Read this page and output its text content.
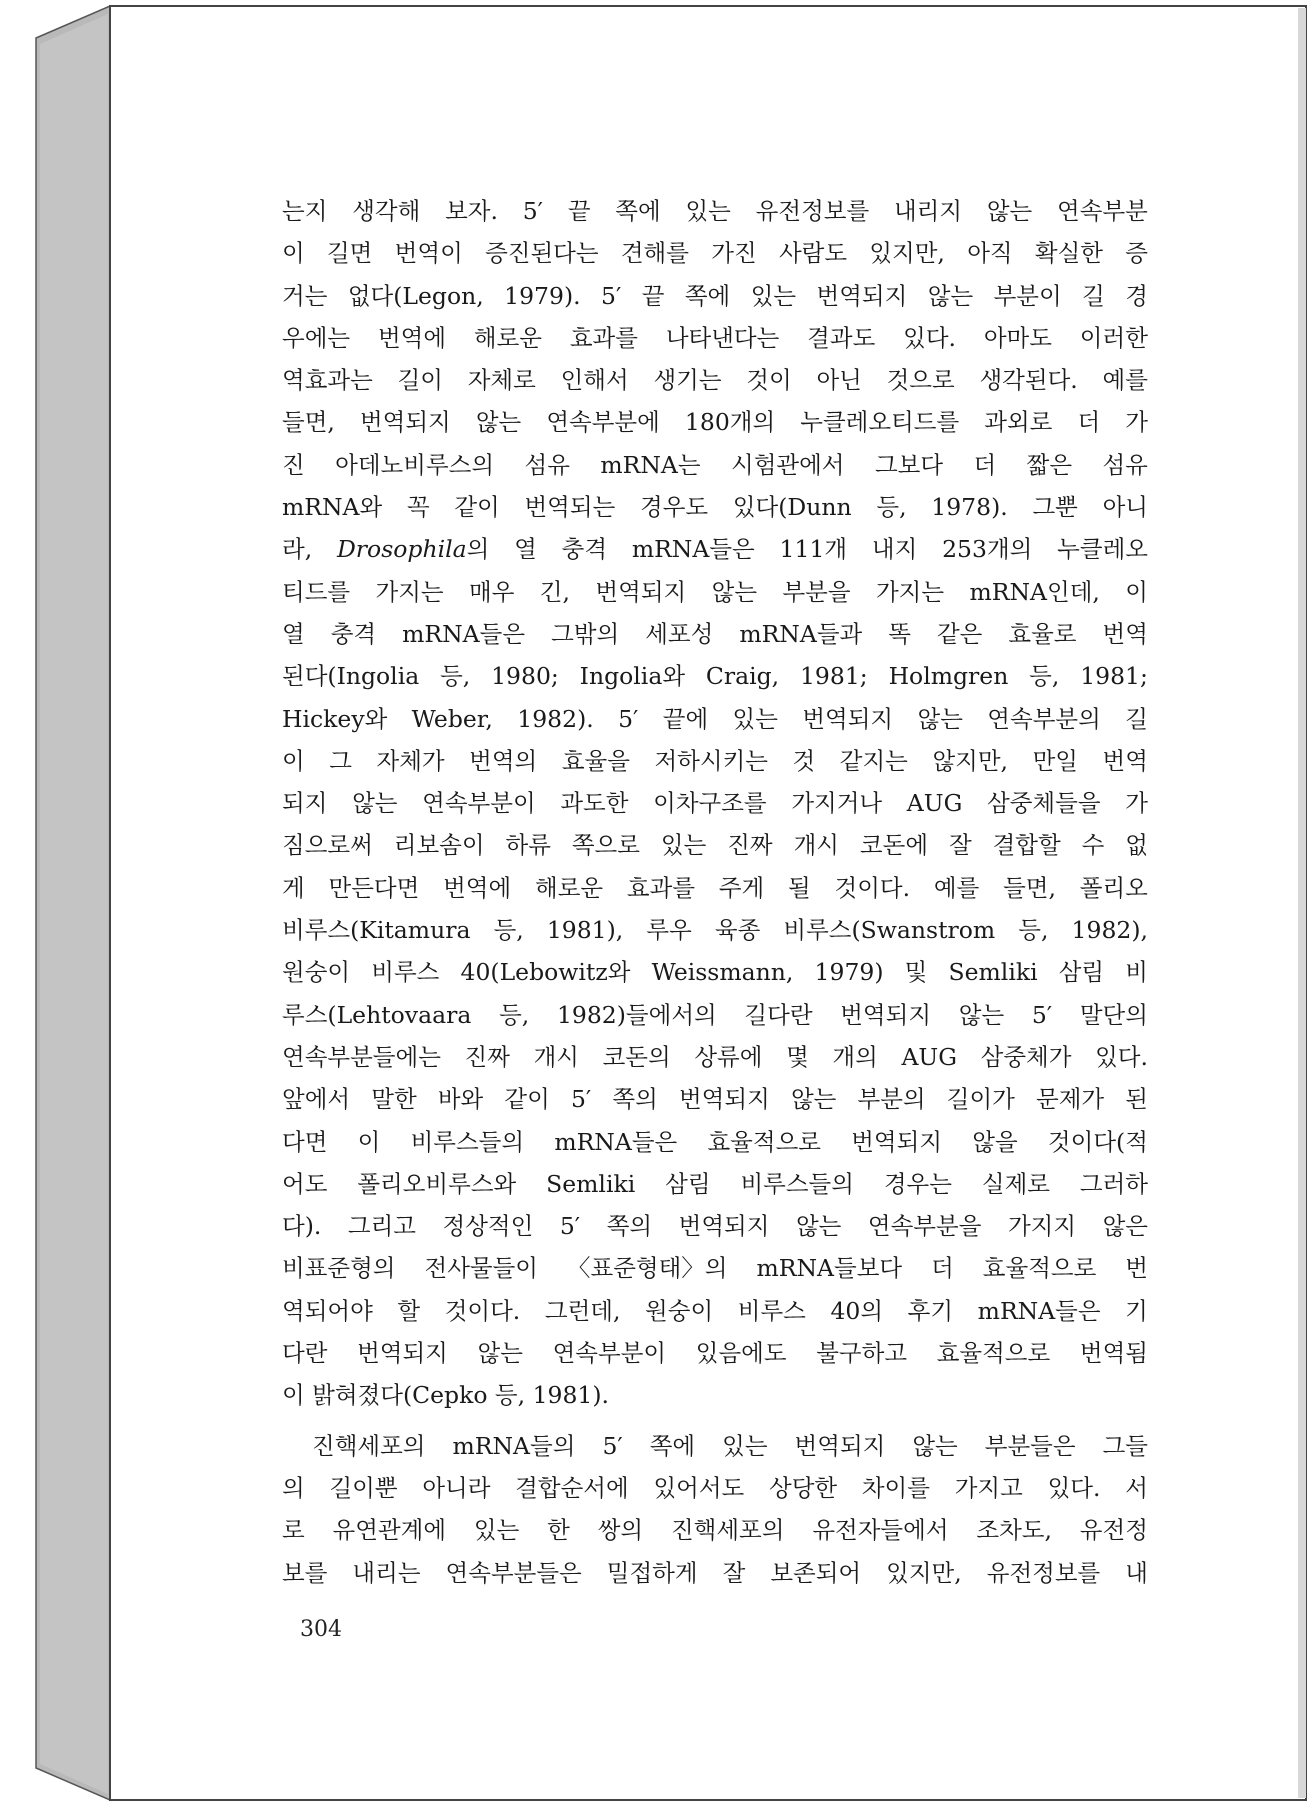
는지 생각해 보자. 5′ 끝 쪽에 있는 유전정보를 내리지 않는 연속부분
이 길면 번역이 증진된다는 견해를 가진 사람도 있지만, 아직 확실한 증
거는 없다(Legon, 1979). 5′ 끝 쪽에 있는 번역되지 않는 부분이 길 경
우에는 번역에 해로운 효과를 나타낸다는 결과도 있다. 아마도 이러한
역효과는 길이 자체로 인해서 생기는 것이 아닌 것으로 생각된다. 예를
들면, 번역되지 않는 연속부분에 180개의 누클레오티드를 과외로 더 가
진 아데노비루스의 섬유 mRNA는 시험관에서 그보다 더 짧은 섬유
mRNA와 꼭 같이 번역되는 경우도 있다(Dunn 등, 1978). 그뿐 아니
라, Drosophila의 열 충격 mRNA들은 111개 내지 253개의 누클레오
티드를 가지는 매우 긴, 번역되지 않는 부분을 가지는 mRNA인데, 이
열 충격 mRNA들은 그밖의 세포성 mRNA들과 똑 같은 효율로 번역
된다(Ingolia 등, 1980; Ingolia와 Craig, 1981; Holmgren 등, 1981;
Hickey와 Weber, 1982). 5′ 끝에 있는 번역되지 않는 연속부분의 길
이 그 자체가 번역의 효율을 저하시키는 것 같지는 않지만, 만일 번역
되지 않는 연속부분이 과도한 이차구조를 가지거나 AUG 삼중체들을 가
짐으로써 리보솜이 하류 쪽으로 있는 진짜 개시 코돈에 잘 결합할 수 없
게 만든다면 번역에 해로운 효과를 주게 될 것이다. 예를 들면, 폴리오
비루스(Kitamura 등, 1981), 루우 육종 비루스(Swanstrom 등, 1982),
원숭이 비루스 40(Lebowitz와 Weissmann, 1979) 및 Semliki 삼림 비
루스(Lehtovaara 등, 1982)들에서의 길다란 번역되지 않는 5′ 말단의
연속부분들에는 진짜 개시 코돈의 상류에 몇 개의 AUG 삼중체가 있다.
앞에서 말한 바와 같이 5′ 쪽의 번역되지 않는 부분의 길이가 문제가 된
다면 이 비루스들의 mRNA들은 효율적으로 번역되지 않을 것이다(적
어도 폴리오비루스와 Semliki 삼림 비루스들의 경우는 실제로 그러하
다). 그리고 정상적인 5′ 쪽의 번역되지 않는 연속부분을 가지지 않은
비표준형의 전사물들이 〈표준형태〉의 mRNA들보다 더 효율적으로 번
역되어야 할 것이다. 그런데, 원숭이 비루스 40의 후기 mRNA들은 기
다란 번역되지 않는 연속부분이 있음에도 불구하고 효율적으로 번역됨
이 밝혀졌다(Cepko 등, 1981).
진핵세포의 mRNA들의 5′ 쪽에 있는 번역되지 않는 부분들은 그들
의 길이뿐 아니라 결합순서에 있어서도 상당한 차이를 가지고 있다. 서
로 유연관계에 있는 한 쌍의 진핵세포의 유전자들에서 조차도, 유전정
보를 내리는 연속부분들은 밀접하게 잘 보존되어 있지만, 유전정보를 내
304
